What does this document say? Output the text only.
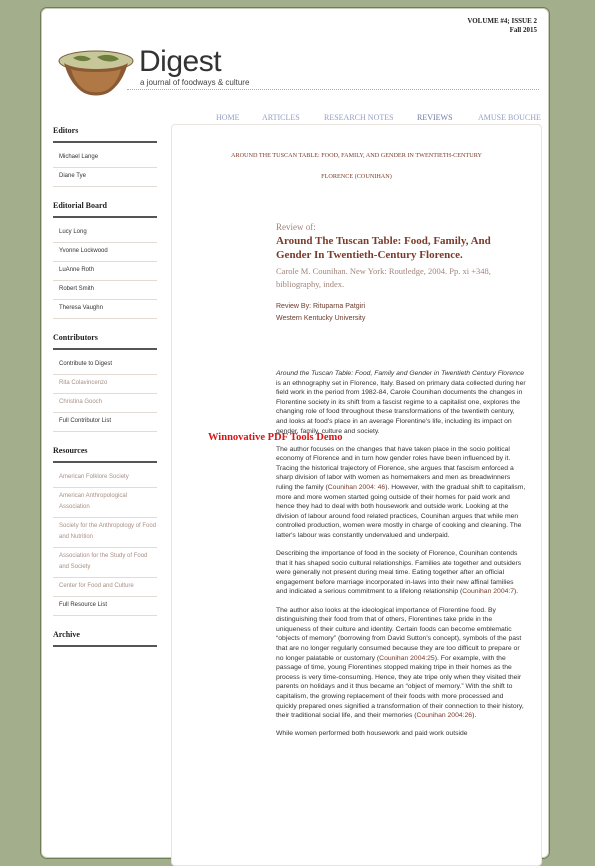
VOLUME #4; ISSUE 2
Fall 2015
Digest
a journal of foodways & culture
HOME	ARTICLES	RESEARCH NOTES	REVIEWS	AMUSE BOUCHE
Editors
Michael Lange
Diane Tye
Editorial Board
Lucy Long
Yvonne Lockwood
LuAnne Roth
Robert Smith
Theresa Vaughn
Contributors
Contribute to Digest
Rita Colavincenzo
Christina Gooch
Full Contributor List
Resources
American Folklore Society
American Anthropological Association
Society for the Anthropology of Food and Nutrition
Association for the Study of Food and Society
Center for Food and Culture
Full Resource List
Archive
AROUND THE TUSCAN TABLE: FOOD, FAMILY, AND GENDER IN TWENTIETH-CENTURY
FLORENCE (COUNIHAN)
Review of:
Around The Tuscan Table: Food, Family, And Gender In Twentieth-Century Florence.
Carole M. Counihan. New York: Routledge, 2004. Pp. xi +348, bibliography, index.
Review By: Rituparna Patgiri
Western Kentucky University

Around the Tuscan Table: Food, Family and Gender in Twentieth Century Florence is an ethnography set in Florence, Italy. Based on primary data collected during her field work in the period from 1982-84, Carole Counihan documents the changes in Florentine society in its shift from a fascist regime to a capitalist one, explores the changing role of food throughout these transformations of the twentieth century, and looks at food's place in an average Florentine's life, including its impact on gender, family, culture and society.

The author focuses on the changes that have taken place in the socio political economy of Florence and in turn how gender roles have been influenced by it. Tracing the historical trajectory of Florence, she argues that fascism enforced a sharp division of labor with women as homemakers and men as breadwinners ruling the family (Counihan 2004: 46). However, with the gradual shift to capitalism, more and more women started going outside of their homes for paid work and hence they had to deal with both housework and outside work. Looking at the division of labour around food related practices, Counihan argues that while men controlled production, women were mostly in charge of cooking and cleaning. The latter's labour was constantly undervalued and underpaid.

Describing the importance of food in the society of Florence, Counihan contends that it has shaped socio cultural relationships. Families ate together and outsiders were generally not present during meal time. Eating together after an official engagement before marriage incorporated in-laws into their new affinal families and indicated a serious commitment to a lifelong relationship (Counihan 2004:7).

The author also looks at the ideological importance of Florentine food. By distinguishing their food from that of others, Florentines take pride in the uniqueness of their culture and identity. Certain foods can become emblematic “objects of memory” (borrowing from David Sutton's concept), symbols of the past that are no longer regularly consumed because they are too difficult to prepare or no longer palatable or customary (Counihan 2004:25). For example, with the passage of time, young Florentines stopped making tripe in their homes as the process is very time-consuming. Hence, they ate tripe only when they visited their parents on holidays and it thus became an “object of memory.” With the shift to capitalism, the growing replacement of their foods with more processed and quickly prepared ones signified a transformation of their connection to their history, their traditional social life, and their memories (Counihan 2004:26).

While women performed both housework and paid work outside

Winnovative PDF Tools Demo
